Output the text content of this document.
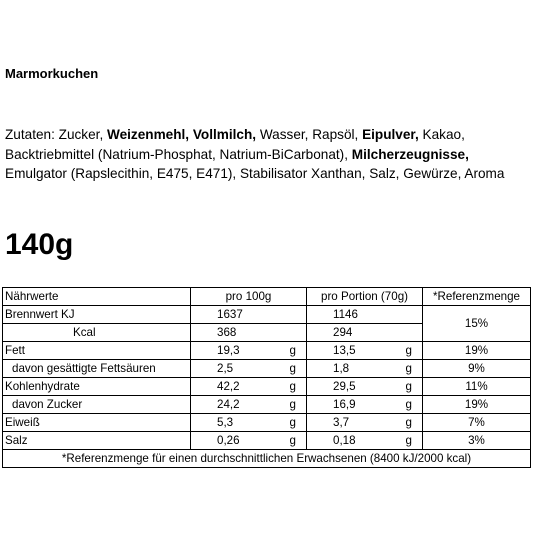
Marmorkuchen
Zutaten: Zucker, Weizenmehl, Vollmilch, Wasser, Rapsöl, Eipulver, Kakao, Backtriebmittel (Natrium-Phosphat, Natrium-BiCarbonat), Milcherzeugnisse, Emulgator (Rapslecithin, E475, E471), Stabilisator Xanthan, Salz, Gewürze, Aroma
140g
Nährwerte	pro 100g		pro Portion (70g)		*Referenzmenge
Brennwert KJ	1637		1146		15%
Kcal	368		294		
Fett	19,3	g	13,5	g	19%
davon gesättigte Fettsäuren	2,5	g	1,8	g	9%
Kohlenhydrate	42,2	g	29,5	g	11%
davon Zucker	24,2	g	16,9	g	19%
Eiweiß	5,3	g	3,7	g	7%
Salz	0,26	g	0,18	g	3%
*Referenzmenge für einen durchschnittlichen Erwachsenen (8400 kJ/2000 kcal)					
